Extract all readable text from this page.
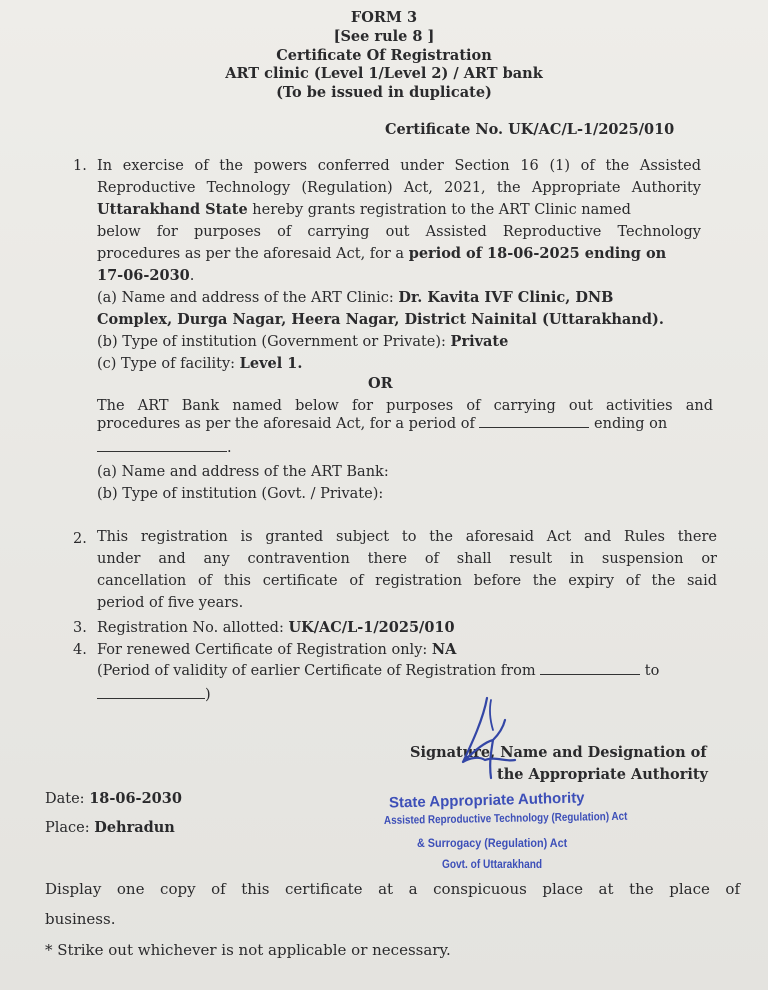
FORM 3
[See rule 8 ]
Certificate Of Registration
ART clinic (Level 1/Level 2) / ART bank
(To be issued in duplicate)
Certificate No. UK/AC/L-1/2025/010
1. In exercise of the powers conferred under Section 16 (1) of the Assisted
Reproductive Technology (Regulation) Act, 2021, the Appropriate Authority
Uttarakhand State hereby grants registration to the ART Clinic named
below for purposes of carrying out Assisted Reproductive Technology
procedures as per the aforesaid Act, for a period of 18-06-2025 ending on
17-06-2030.
(a) Name and address of the ART Clinic: Dr. Kavita IVF Clinic, DNB
Complex, Durga Nagar, Heera Nagar, District Nainital (Uttarakhand).
(b) Type of institution (Government or Private): Private
(c) Type of facility: Level 1.
OR
The ART Bank named below for purposes of carrying out activities and
procedures as per the aforesaid Act, for a period of	ending on
.
(a) Name and address of the ART Bank:
(b) Type of institution (Govt. / Private):
2. This registration is granted subject to the aforesaid Act and Rules there
under and any contravention there of shall result in suspension or
cancellation of this certificate of registration before the expiry of the said
period of five years.
3. Registration No. allotted: UK/AC/L-1/2025/010
4. For renewed Certificate of Registration only: NA
(Period of validity of earlier Certificate of Registration from	to
)
Signature, Name and Designation of
the Appropriate Authority
State Appropriate Authority
Assisted Reproductive Technology (Regulation) Act
& Surrogacy (Regulation) Act
Govt. of Uttarakhand
Date: 18-06-2030
Place: Dehradun
Display one copy of this certificate at a conspicuous place at the place of
business.
* Strike out whichever is not applicable or necessary.
